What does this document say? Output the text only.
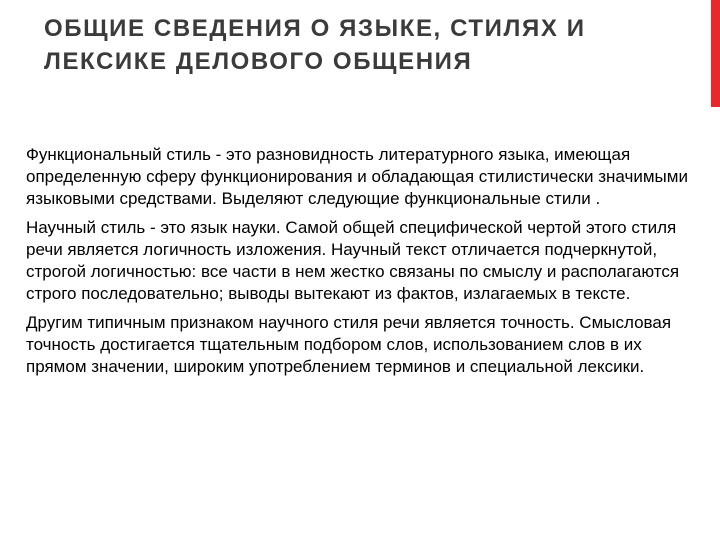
ОБЩИЕ СВЕДЕНИЯ О ЯЗЫКЕ, СТИЛЯХ И ЛЕКСИКЕ ДЕЛОВОГО ОБЩЕНИЯ

Функциональный стиль - это разновидность литературного языка, имеющая определенную сферу функционирования и обладающая стилистически значимыми языковыми средствами. Выделяют следующие функциональные стили .

Научный стиль - это язык науки. Самой общей специфической чертой этого стиля речи является логичность изложения. Научный текст отличается подчеркнутой, строгой логичностью: все части в нем жестко связаны по смыслу и располагаются строго последовательно; выводы вытекают из фактов, излагаемых в тексте.

Другим типичным признаком научного стиля речи является точность. Смысловая точность достигается тщательным подбором слов, использованием слов в их прямом значении, широким употреблением терминов и специальной лексики.
